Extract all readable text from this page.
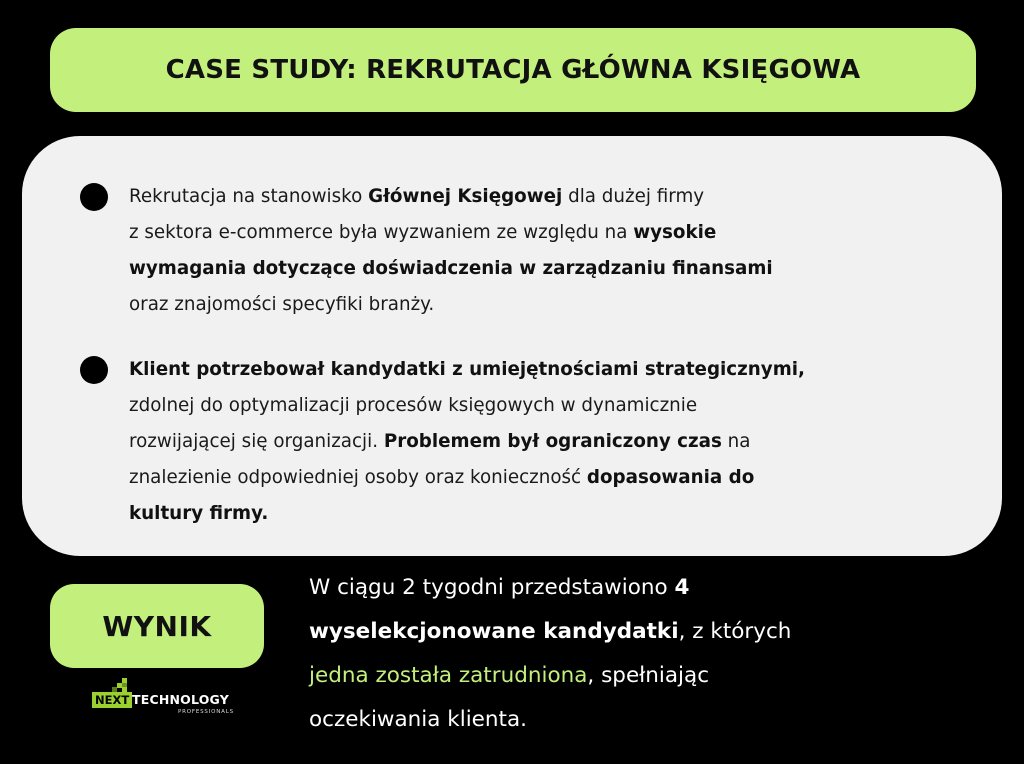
CASE STUDY: REKRUTACJA GŁÓWNA KSIĘGOWA
Rekrutacja na stanowisko Głównej Księgowej dla dużej firmy
z sektora e-commerce była wyzwaniem ze względu na wysokie
wymagania dotyczące doświadczenia w zarządzaniu finansami
oraz znajomości specyfiki branży.
Klient potrzebował kandydatki z umiejętnościami strategicznymi,
zdolnej do optymalizacji procesów księgowych w dynamicznie
rozwijającej się organizacji. Problemem był ograniczony czas na
znalezienie odpowiedniej osoby oraz konieczność dopasowania do
kultury firmy.
WYNIK
W ciągu 2 tygodni przedstawiono 4
wyselekcjonowane kandydatki, z których
jedna została zatrudniona, spełniając
oczekiwania klienta.
NEXT TECHNOLOGY
PROFESSIONALS
